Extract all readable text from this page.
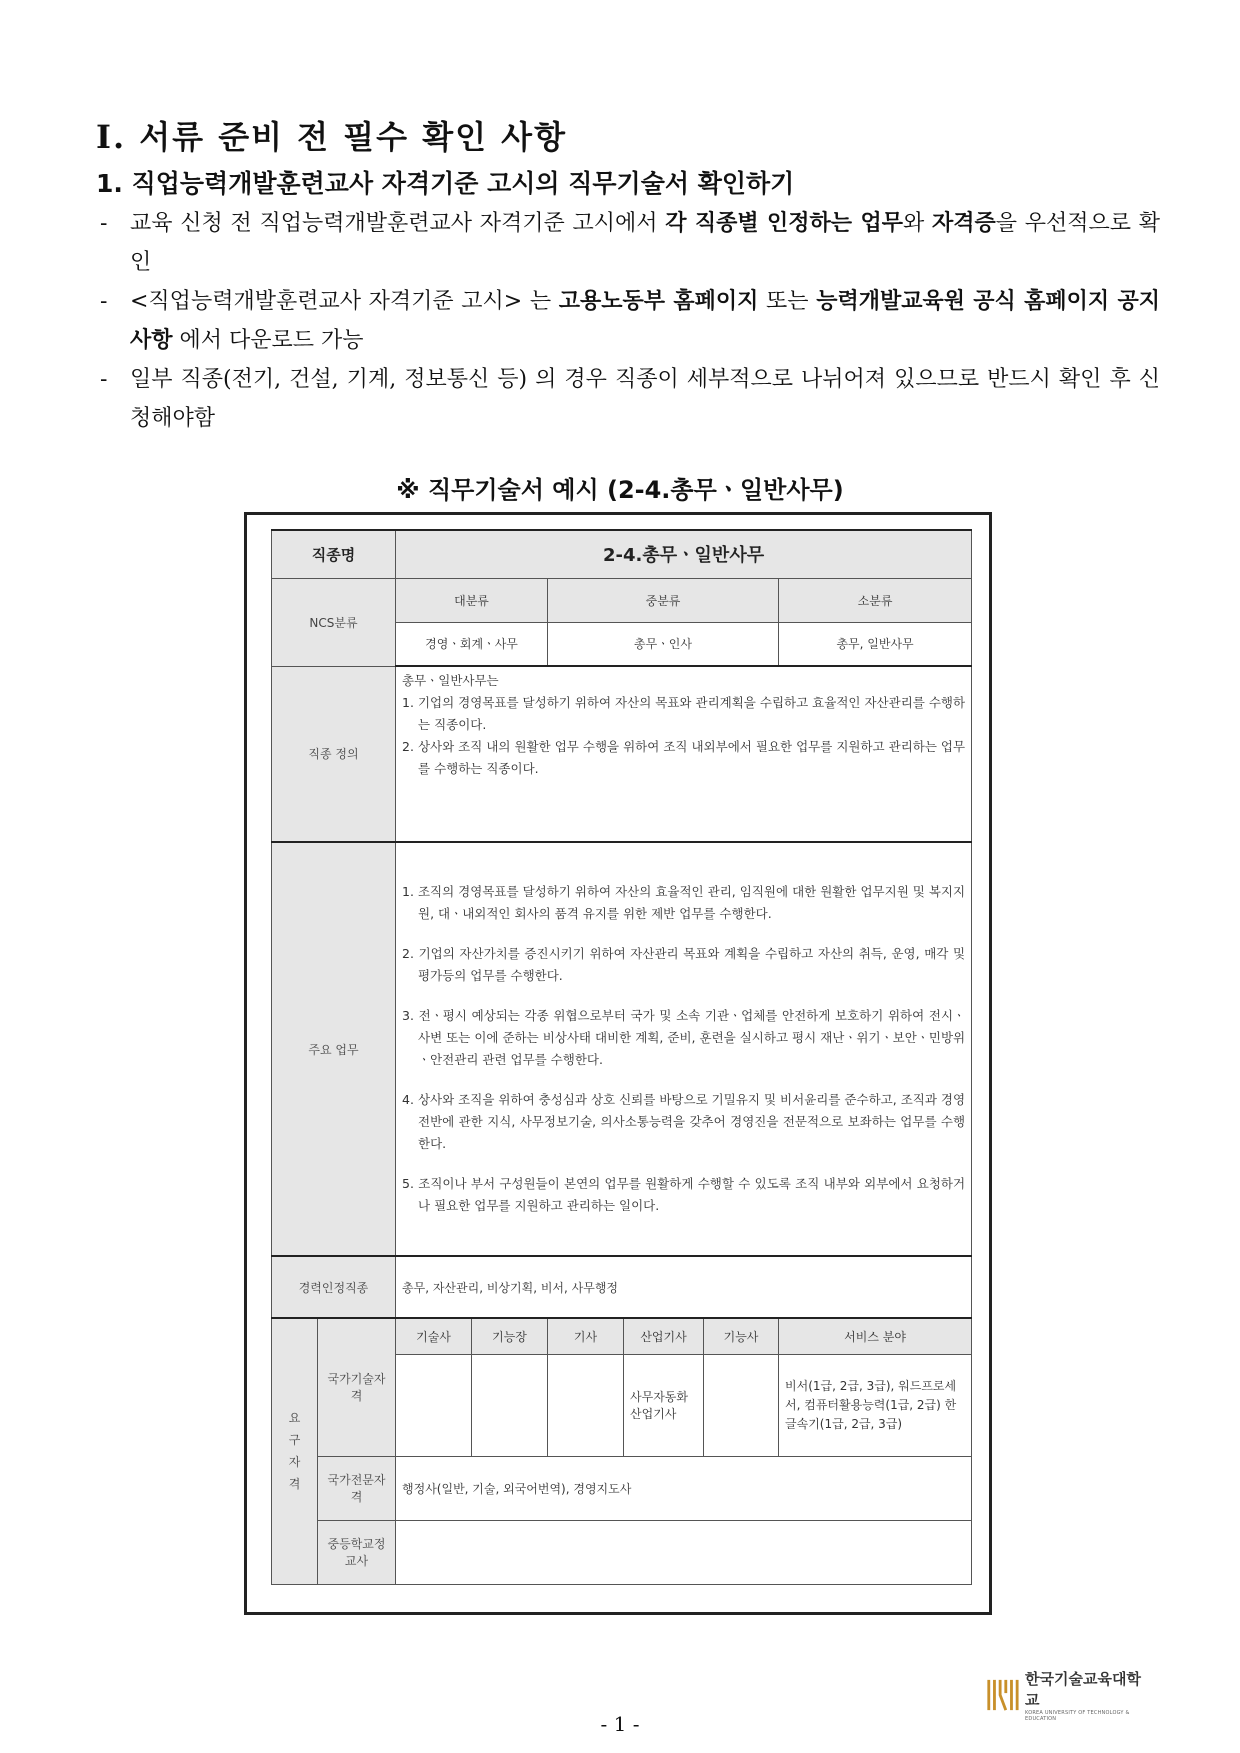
Ⅰ. 서류 준비 전 필수 확인 사항
1. 직업능력개발훈련교사 자격기준 고시의 직무기술서 확인하기
-	교육 신청 전 직업능력개발훈련교사 자격기준 고시에서 각 직종별 인정하는 업무와 자격증을 우선적으로 확인
-	<직업능력개발훈련교사 자격기준 고시> 는 고용노동부 홈페이지 또는 능력개발교육원 공식 홈페이지 공지사항 에서 다운로드 가능
-	일부 직종(전기, 건설, 기계, 정보통신 등) 의 경우 직종이 세부적으로 나뉘어져 있으므로 반드시 확인 후 신청해야함
※ 직무기술서 예시 (2-4.총무ㆍ일반사무)
직종명		2-4.총무ㆍ일반사무					
NCS분류		대분류		중분류			소분류
		경영ㆍ회계ㆍ사무		총무ㆍ인사			총무, 일반사무
직종 정의		총무ㆍ일반사무는

1. 기업의 경영목표를 달성하기 위하여 자산의 목표와 관리계획을 수립하고 효율적인 자산관리를 수행하는 직종이다.

2. 상사와 조직 내의 원활한 업무 수행을 위하여 조직 내외부에서 필요한 업무를 지원하고 관리하는 업무를 수행하는 직종이다.					

주요 업무		1. 조직의 경영목표를 달성하기 위하여 자산의 효율적인 관리, 임직원에 대한 원활한 업무지원 및 복지지원, 대ㆍ내외적인 회사의 품격 유지를 위한 제반 업무를 수행한다.

2. 기업의 자산가치를 증진시키기 위하여 자산관리 목표와 계획을 수립하고 자산의 취득, 운영, 매각 및 평가등의 업무를 수행한다.

3. 전ㆍ평시 예상되는 각종 위협으로부터 국가 및 소속 기관ㆍ업체를 안전하게 보호하기 위하여 전시ㆍ사변 또는 이에 준하는 비상사태 대비한 계획, 준비, 훈련을 실시하고 평시 재난ㆍ위기ㆍ보안ㆍ민방위ㆍ안전관리 관련 업무를 수행한다.

4. 상사와 조직을 위하여 충성심과 상호 신뢰를 바탕으로 기밀유지 및 비서윤리를 준수하고, 조직과 경영 전반에 관한 지식, 사무정보기술, 의사소통능력을 갖추어 경영진을 전문적으로 보좌하는 업무를 수행한다.

5. 조직이나 부서 구성원들이 본연의 업무를 원활하게 수행할 수 있도록 조직 내부와 외부에서 요청하거나 필요한 업무를 지원하고 관리하는 일이다.					

경력인정직종		총무, 자산관리, 비상기획, 비서, 사무행정					
요구자격	국가기술자격	기술사	기능장	기사	산업기사	기능사	서비스 분야
					사무자동화산업기사		비서(1급, 2급, 3급), 워드프로세서, 컴퓨터활용능력(1급, 2급) 한글속기(1급, 2급, 3급)
	국가전문자격	행정사(일반, 기술, 외국어번역), 경영지도사					
	중등학교정교사						
- 1 -
한국기술교육대학교
KOREA UNIVERSITY OF TECHNOLOGY & EDUCATION
